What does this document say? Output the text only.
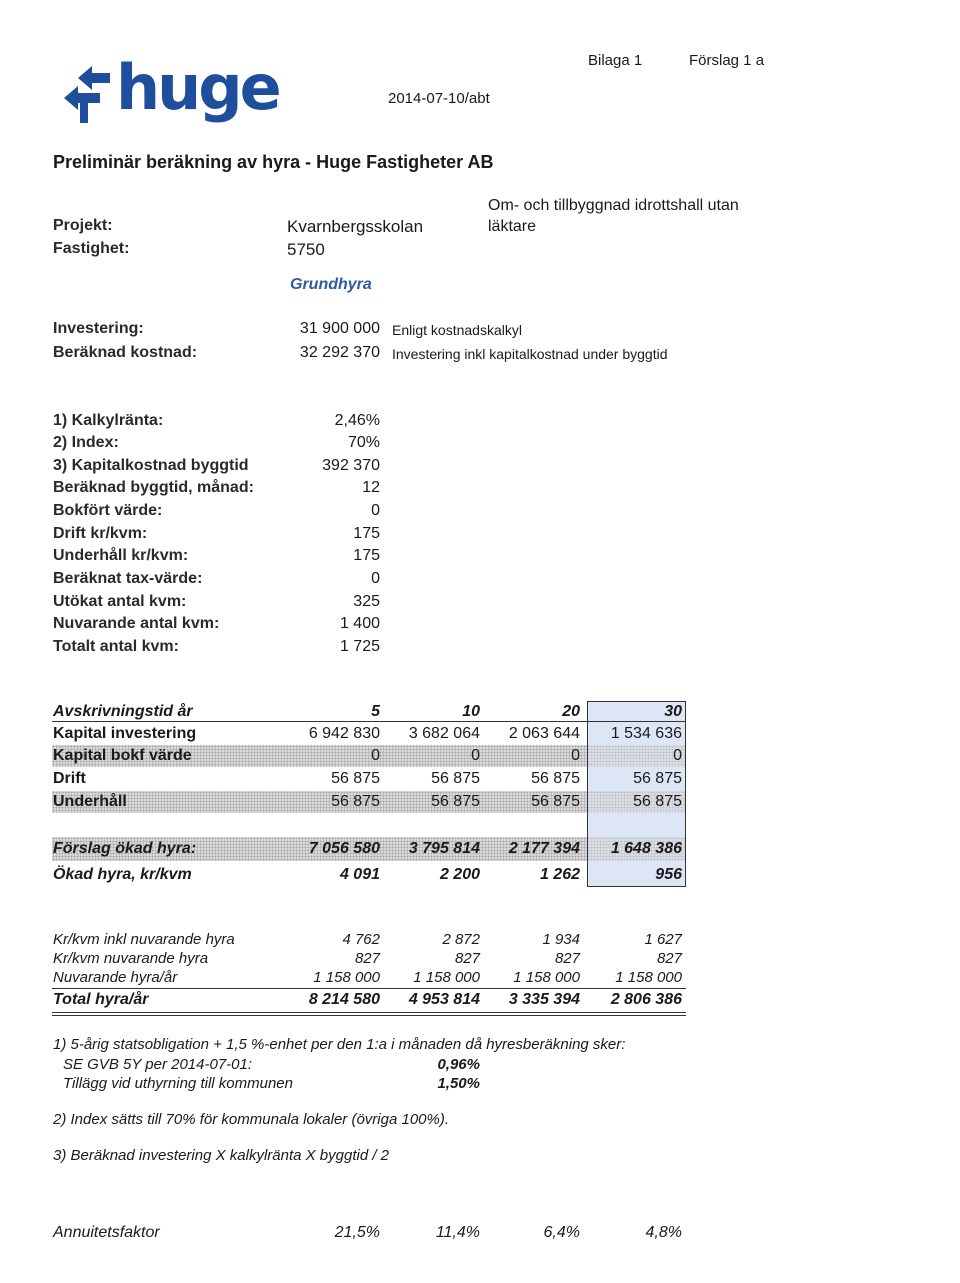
huge	Bilaga 1	Förslag 1 a
2014-07-10/abt
Preliminär beräkning av hyra - Huge Fastigheter AB
Projekt:	Kvarnbergsskolan
Fastighet:	5750
Om- och tillbyggnad idrottshall utan
läktare
Grundhyra
Investering:	31 900 000 Enligt kostnadskalkyl
Beräknad kostnad:	32 292 370 Investering inkl kapitalkostnad under byggtid
1) Kalkylränta:	2,46%
2) Index:	70%
3) Kapitalkostnad byggtid	392 370
Beräknad byggtid, månad:	12
Bokfört värde:	0
Drift kr/kvm:	175
Underhåll kr/kvm:	175
Beräknat tax-värde:	0
Utökat antal kvm:	325
Nuvarande antal kvm:	1 400
Totalt antal kvm:	1 725
Avskrivningstid år	5	10	20	30
Kapital investering	6 942 830	3 682 064	2 063 644	1 534 636
Kapital bokf värde	0	0	0	0
Drift	56 875	56 875	56 875	56 875
Underhåll	56 875	56 875	56 875	56 875
Förslag ökad hyra:	7 056 580	3 795 814	2 177 394	1 648 386
Ökad hyra, kr/kvm	4 091	2 200	1 262	956
Kr/kvm inkl nuvarande hyra	4 762	2 872	1 934	1 627
Kr/kvm nuvarande hyra	827	827	827	827
Nuvarande hyra/år	1 158 000	1 158 000	1 158 000	1 158 000
Total hyra/år	8 214 580	4 953 814	3 335 394	2 806 386
1) 5-årig statsobligation + 1,5 %-enhet per den 1:a i månaden då hyresberäkning sker:
SE GVB 5Y per 2014-07-01:	0,96%
Tillägg vid uthyrning till kommunen	1,50%
2) Index sätts till 70% för kommunala lokaler (övriga 100%).
3) Beräknad investering X kalkylränta X byggtid / 2
Annuitetsfaktor	21,5%	11,4%	6,4%	4,8%
